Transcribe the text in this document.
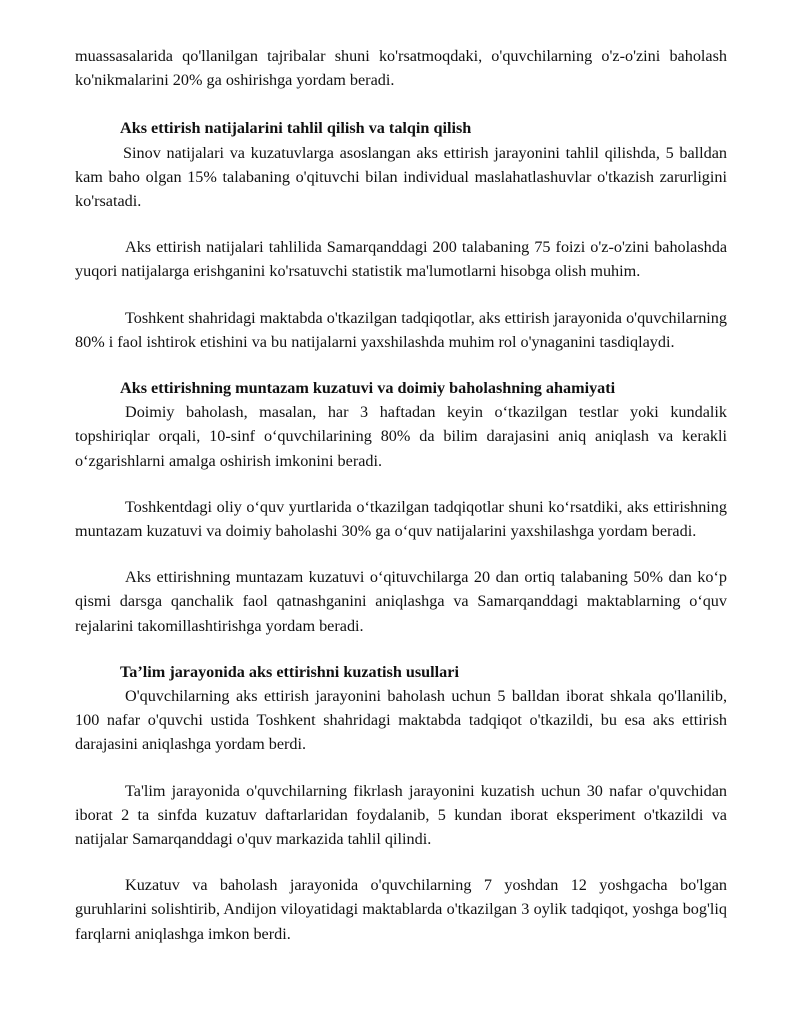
muassasalarida qo'llanilgan tajribalar shuni ko'rsatmoqdaki, o'quvchilarning o'z-o'zini baholash ko'nikmalarini 20% ga oshirishga yordam beradi.

Aks ettirish natijalarini tahlil qilish va talqin qilish

Sinov natijalari va kuzatuvlarga asoslangan aks ettirish jarayonini tahlil qilishda, 5 balldan kam baho olgan 15% talabaning o'qituvchi bilan individual maslahatlashuvlar o'tkazish zarurligini ko'rsatadi.

Aks ettirish natijalari tahlilida Samarqanddagi 200 talabaning 75 foizi o'z-o'zini baholashda yuqori natijalarga erishganini ko'rsatuvchi statistik ma'lumotlarni hisobga olish muhim.

Toshkent shahridagi maktabda o'tkazilgan tadqiqotlar, aks ettirish jarayonida o'quvchilarning 80% i faol ishtirok etishini va bu natijalarni yaxshilashda muhim rol o'ynaganini tasdiqlaydi.

Aks ettirishning muntazam kuzatuvi va doimiy baholashning ahamiyati

Doimiy baholash, masalan, har 3 haftadan keyin o‘tkazilgan testlar yoki kundalik topshiriqlar orqali, 10-sinf o‘quvchilarining 80% da bilim darajasini aniq aniqlash va kerakli o‘zgarishlarni amalga oshirish imkonini beradi.

Toshkentdagi oliy o‘quv yurtlarida o‘tkazilgan tadqiqotlar shuni ko‘rsatdiki, aks ettirishning muntazam kuzatuvi va doimiy baholashi 30% ga o‘quv natijalarini yaxshilashga yordam beradi.

Aks ettirishning muntazam kuzatuvi o‘qituvchilarga 20 dan ortiq talabaning 50% dan ko‘p qismi darsga qanchalik faol qatnashganini aniqlashga va Samarqanddagi maktablarning o‘quv rejalarini takomillashtirishga yordam beradi.

Ta’lim jarayonida aks ettirishni kuzatish usullari

O'quvchilarning aks ettirish jarayonini baholash uchun 5 balldan iborat shkala qo'llanilib, 100 nafar o'quvchi ustida Toshkent shahridagi maktabda tadqiqot o'tkazildi, bu esa aks ettirish darajasini aniqlashga yordam berdi.

Ta'lim jarayonida o'quvchilarning fikrlash jarayonini kuzatish uchun 30 nafar o'quvchidan iborat 2 ta sinfda kuzatuv daftarlaridan foydalanib, 5 kundan iborat eksperiment o'tkazildi va natijalar Samarqanddagi o'quv markazida tahlil qilindi.

Kuzatuv va baholash jarayonida o'quvchilarning 7 yoshdan 12 yoshgacha bo'lgan guruhlarini solishtirib, Andijon viloyatidagi maktablarda o'tkazilgan 3 oylik tadqiqot, yoshga bog'liq farqlarni aniqlashga imkon berdi.
